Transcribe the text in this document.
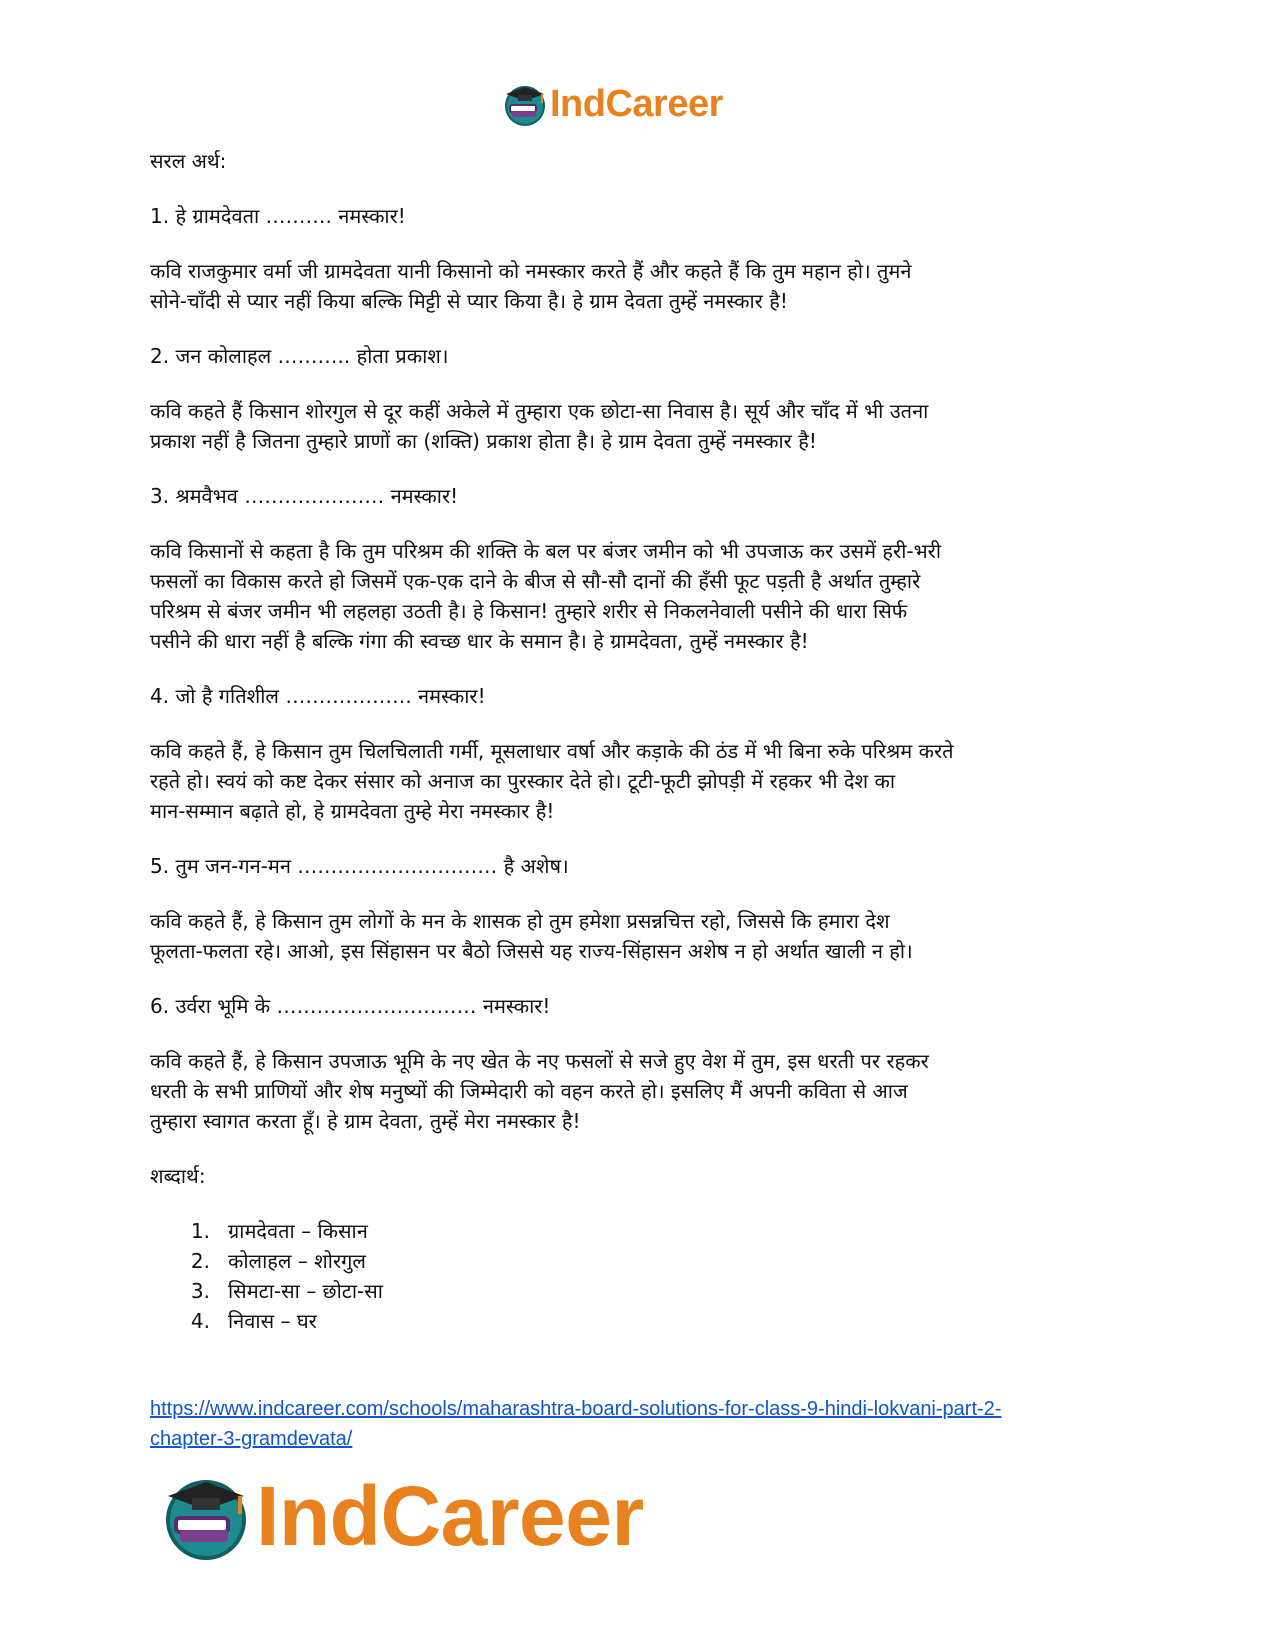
IndCareer
सरल अर्थ:
1. हे ग्रामदेवता ………. नमस्कार!
कवि राजकुमार वर्मा जी ग्रामदेवता यानी किसानो को नमस्कार करते हैं और कहते हैं कि तुम महान हो। तुमने
सोने-चाँदी से प्यार नहीं किया बल्कि मिट्टी से प्यार किया है। हे ग्राम देवता तुम्हें नमस्कार है!
2. जन कोलाहल ……….. होता प्रकाश।
कवि कहते हैं किसान शोरगुल से दूर कहीं अकेले में तुम्हारा एक छोटा-सा निवास है। सूर्य और चाँद में भी उतना
प्रकाश नहीं है जितना तुम्हारे प्राणों का (शक्ति) प्रकाश होता है। हे ग्राम देवता तुम्हें नमस्कार है!
3. श्रमवैभव ………………… नमस्कार!
कवि किसानों से कहता है कि तुम परिश्रम की शक्ति के बल पर बंजर जमीन को भी उपजाऊ कर उसमें हरी-भरी
फसलों का विकास करते हो जिसमें एक-एक दाने के बीज से सौ-सौ दानों की हँसी फूट पड़ती है अर्थात तुम्हारे
परिश्रम से बंजर जमीन भी लहलहा उठती है। हे किसान! तुम्हारे शरीर से निकलनेवाली पसीने की धारा सिर्फ
पसीने की धारा नहीं है बल्कि गंगा की स्वच्छ धार के समान है। हे ग्रामदेवता, तुम्हें नमस्कार है!
4. जो है गतिशील ………………. नमस्कार!
कवि कहते हैं, हे किसान तुम चिलचिलाती गर्मी, मूसलाधार वर्षा और कड़ाके की ठंड में भी बिना रुके परिश्रम करते
रहते हो। स्वयं को कष्ट देकर संसार को अनाज का पुरस्कार देते हो। टूटी-फूटी झोपड़ी में रहकर भी देश का
मान-सम्मान बढ़ाते हो, हे ग्रामदेवता तुम्हे मेरा नमस्कार है!
5. तुम जन-गन-मन ………………………… है अशेष।
कवि कहते हैं, हे किसान तुम लोगों के मन के शासक हो तुम हमेशा प्रसन्नचित्त रहो, जिससे कि हमारा देश
फूलता-फलता रहे। आओ, इस सिंहासन पर बैठो जिससे यह राज्य-सिंहासन अशेष न हो अर्थात खाली न हो।
6. उर्वरा भूमि के ………………………… नमस्कार!
कवि कहते हैं, हे किसान उपजाऊ भूमि के नए खेत के नए फसलों से सजे हुए वेश में तुम, इस धरती पर रहकर
धरती के सभी प्राणियों और शेष मनुष्यों की जिम्मेदारी को वहन करते हो। इसलिए मैं अपनी कविता से आज
तुम्हारा स्वागत करता हूँ। हे ग्राम देवता, तुम्हें मेरा नमस्कार है!
शब्दार्थ:
1. ग्रामदेवता – किसान
2. कोलाहल – शोरगुल
3. सिमटा-सा – छोटा-सा
4. निवास – घर
https://www.indcareer.com/schools/maharashtra-board-solutions-for-class-9-hindi-lokvani-part-2-
chapter-3-gramdevata/
IndCareer
